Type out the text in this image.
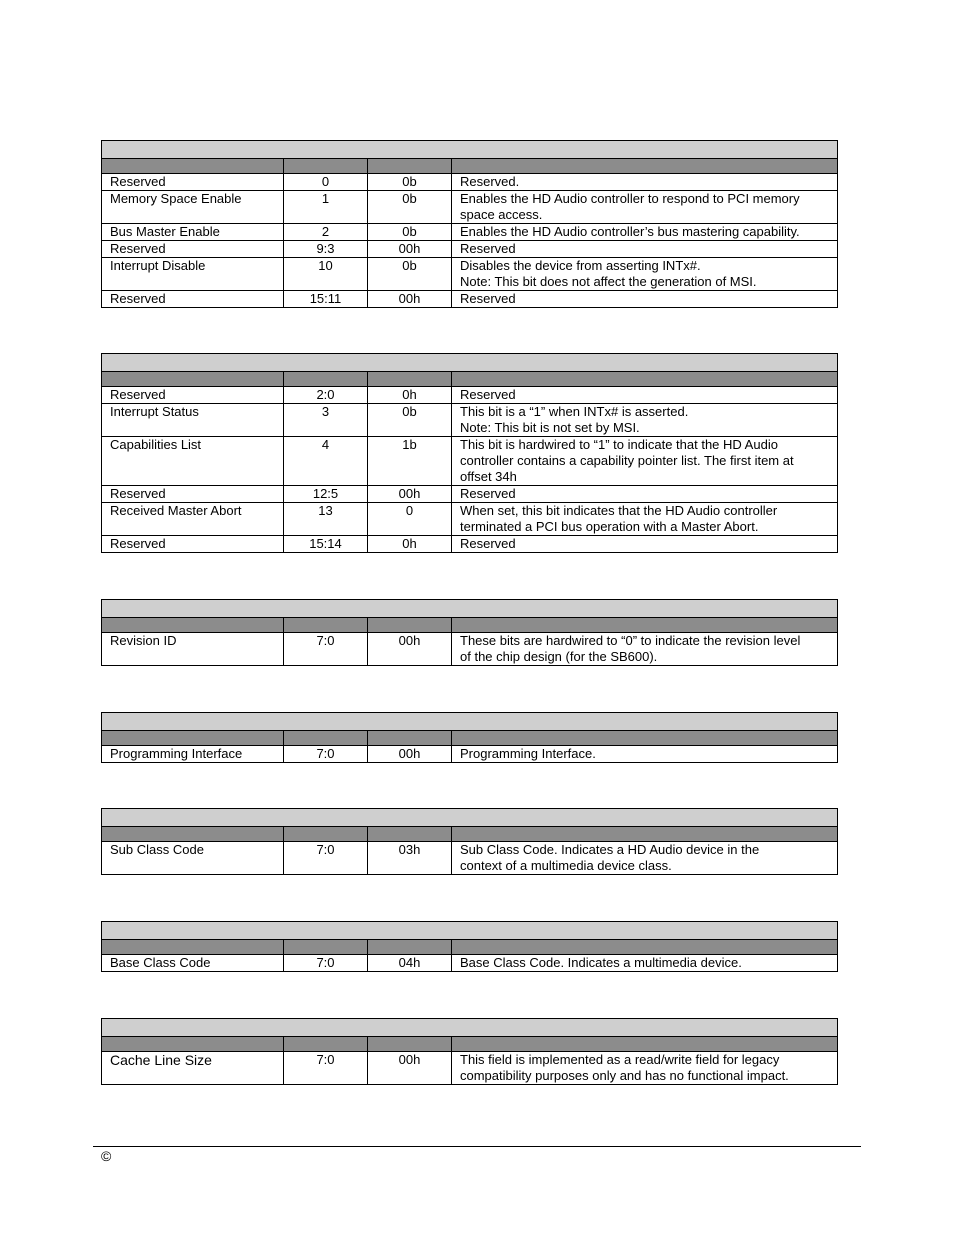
Reserved	0	0b	Reserved.

Memory Space Enable	1	0b	Enables the HD Audio controller to respond to PCI memory
space access.

Bus Master Enable	2	0b	Enables the HD Audio controller’s bus mastering capability.

Reserved	9:3	00h	Reserved

Interrupt Disable	10	0b	Disables the device from asserting INTx#.
Note: This bit does not affect the generation of MSI.

Reserved	15:11	00h	Reserved

Reserved	2:0	0h	Reserved

Interrupt Status	3	0b	This bit is a “1” when INTx# is asserted.
Note: This bit is not set by MSI.

Capabilities List	4	1b	This bit is hardwired to “1” to indicate that the HD Audio
controller contains a capability pointer list. The first item at
offset 34h

Reserved	12:5	00h	Reserved

Received Master Abort	13	0	When set, this bit indicates that the HD Audio controller
terminated a PCI bus operation with a Master Abort.

Reserved	15:14	0h	Reserved

Revision ID	7:0	00h	These bits are hardwired to “0” to indicate the revision level
of the chip design (for the SB600).

Programming Interface	7:0	00h	Programming Interface.

Sub Class Code	7:0	03h	Sub Class Code. Indicates a HD Audio device in the
context of a multimedia device class.

Base Class Code	7:0	04h	Base Class Code. Indicates a multimedia device.

Cache Line Size	7:0	00h	This field is implemented as a read/write field for legacy
compatibility purposes only and has no functional impact.
©
